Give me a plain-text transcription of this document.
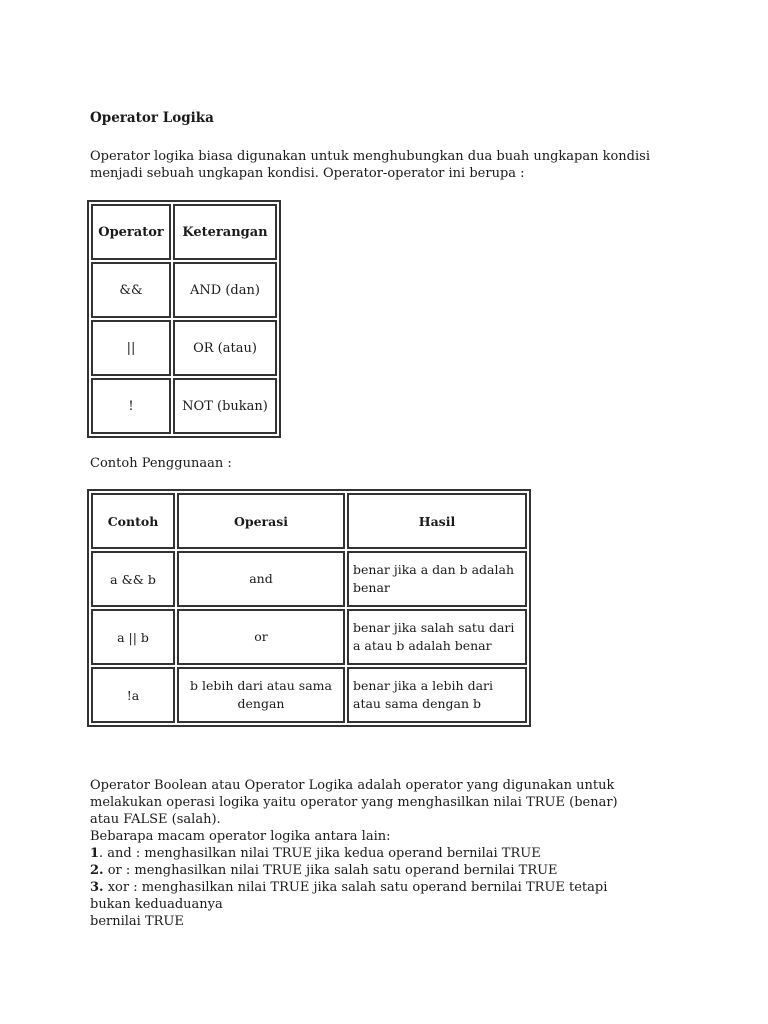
Operator Logika
Operator logika biasa digunakan untuk menghubungkan dua buah ungkapan kondisi menjadi sebuah ungkapan kondisi. Operator-operator ini berupa :
Operator	Keterangan
&&	AND (dan)
||	OR (atau)
!	NOT (bukan)
Contoh Penggunaan :
Contoh	Operasi	Hasil
a && b	and	benar jika a dan b adalah benar
a || b	or	benar jika salah satu dari a atau b adalah benar
!a	b lebih dari atau sama dengan	benar jika a lebih dari atau sama dengan b
Operator Boolean atau Operator Logika adalah operator yang digunakan untuk melakukan operasi logika yaitu operator yang menghasilkan nilai TRUE (benar) atau FALSE (salah).
Bebarapa macam operator logika antara lain:
1. and : menghasilkan nilai TRUE jika kedua operand bernilai TRUE
2. or : menghasilkan nilai TRUE jika salah satu operand bernilai TRUE
3. xor : menghasilkan nilai TRUE jika salah satu operand bernilai TRUE tetapi bukan keduaduanya
bernilai TRUE
